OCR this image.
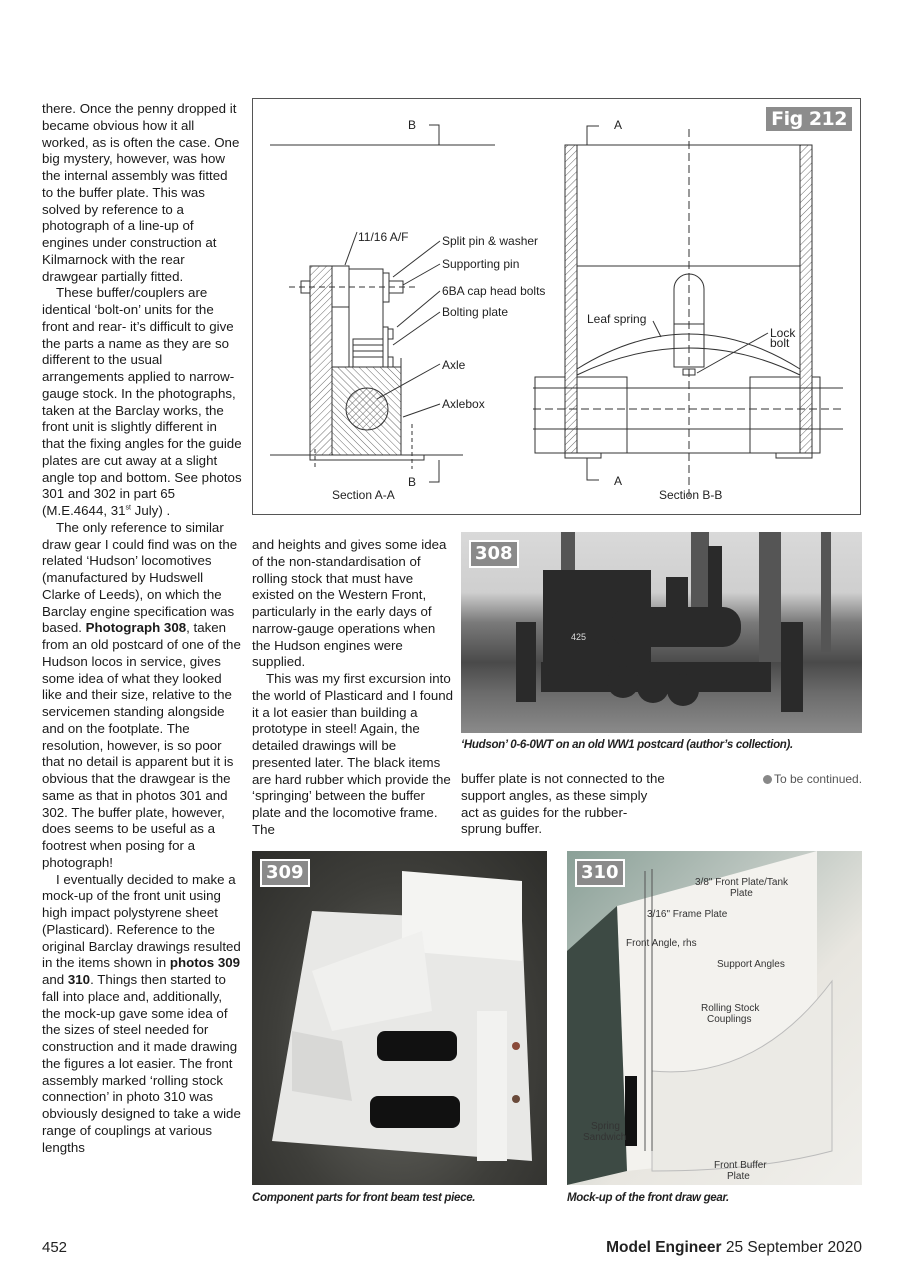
there. Once the penny dropped it became obvious how it all worked, as is often the case. One big mystery, however, was how the internal assembly was fitted to the buffer plate. This was solved by reference to a photograph of a line-up of engines under construction at Kilmarnock with the rear drawgear partially fitted.

These buffer/couplers are identical ‘bolt-on’ units for the front and rear- it’s difficult to give the parts a name as they are so different to the usual arrangements applied to narrow-gauge stock. In the photographs, taken at the Barclay works, the front unit is slightly different in that the fixing angles for the guide plates are cut away at a slight angle top and bottom. See photos 301 and 302 in part 65 (M.E.4644, 31st July) .

The only reference to similar draw gear I could find was on the related ‘Hudson’ locomotives (manufactured by Hudswell Clarke of Leeds), on which the Barclay engine specification was based. Photograph 308, taken from an old postcard of one of the Hudson locos in service, gives some idea of what they looked like and their size, relative to the servicemen standing alongside and on the footplate. The resolution, however, is so poor that no detail is apparent but it is obvious that the drawgear is the same as that in photos 301 and 302. The buffer plate, however, does seems to be useful as a footrest when posing for a photograph!

I eventually decided to make a mock-up of the front unit using high impact polystyrene sheet (Plasticard). Reference to the original Barclay drawings resulted in the items shown in photos 309 and 310. Things then started to fall into place and, additionally, the mock-up gave some idea of the sizes of steel needed for construction and it made drawing the figures a lot easier. The front assembly marked ‘rolling stock connection’ in photo 310 was obviously designed to take a wide range of couplings at various lengths

Fig 212
B
B
A
A
11/16 A/F	Split pin & washer
Supporting pin
6BA cap head bolts
Bolting plate
Axle
Axlebox
Leaf spring
Lock
bolt
Section A-A	Section B-B
425
308
‘Hudson’ 0-6-0WT on an old WW1 postcard (author’s collection).

and heights and gives some idea of the non-standardisation of rolling stock that must have existed on the Western Front, particularly in the early days of narrow-gauge operations when the Hudson engines were supplied.

This was my first excursion into the world of Plasticard and I found it a lot easier than building a prototype in steel! Again, the detailed drawings will be presented later. The black items are hard rubber which provide the ‘springing’ between the buffer plate and the locomotive frame. The

buffer plate is not connected to the support angles, as these simply act as guides for the rubber-sprung buffer.

To be continued.
309
Component parts for front beam test piece.
3/8" Front Plate/Tank
Plate
3/16" Frame Plate
Front Angle, rhs
Support Angles
Rolling Stock
Couplings
Spring
Sandwich
Front Buffer
Plate
310
Mock-up of the front draw gear.
452	Model Engineer 25 September 2020
